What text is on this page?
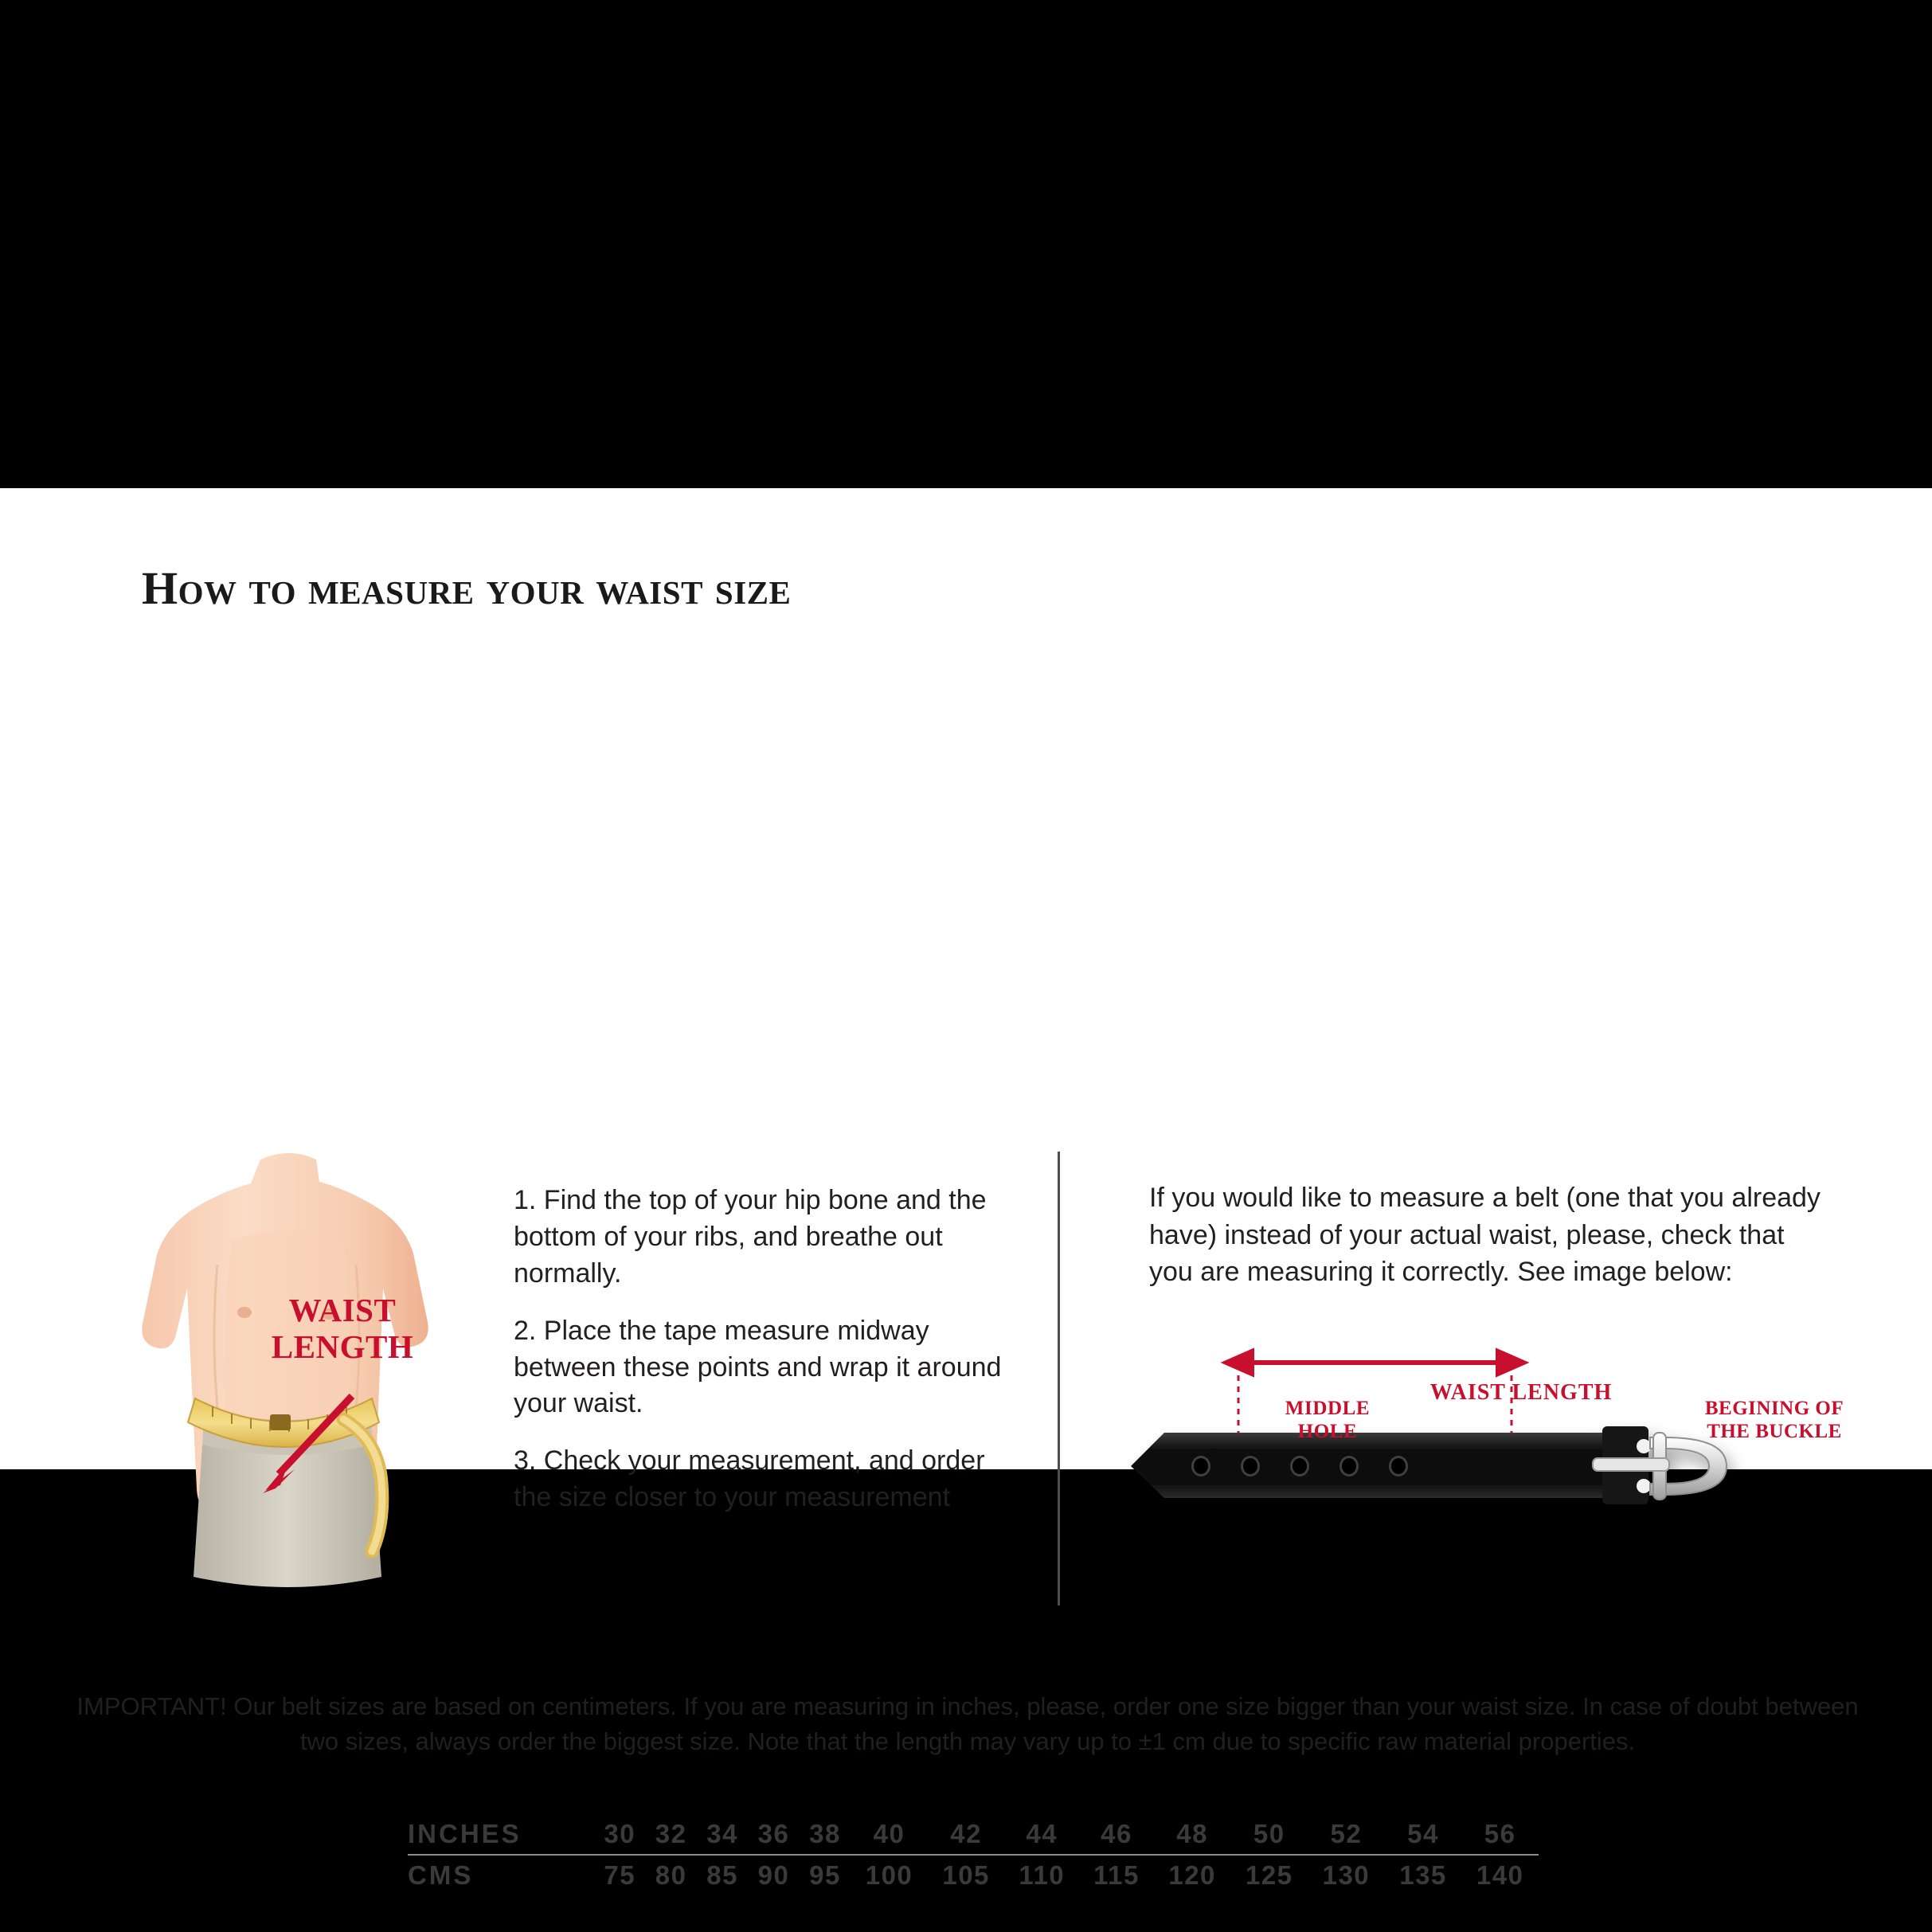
How to measure your waist size
WAIST
LENGTH

1. Find the top of your hip bone and the bottom of your ribs, and breathe out normally.

2. Place the tape measure midway between these points and wrap it around your waist.

3. Check your measurement, and order the size closer to your measurement

If you would like to measure a belt (one that you already have) instead of your actual waist, please, check that you are measuring it correctly. See image below:
MIDDLE
HOLE
WAIST LENGTH
BEGINING OF
THE BUCKLE
IMPORTANT! Our belt sizes are based on centimeters. If you are measuring in inches, please, order one size bigger than your waist size. In case of doubt between two sizes, always order the biggest size. Note that the length may vary up to ±1 cm due to specific raw material properties.
INCHES	30	32	34	36	38	40	42	44	46	48	50	52	54	56
CMS	75	80	85	90	95	100	105	110	115	120	125	130	135	140
